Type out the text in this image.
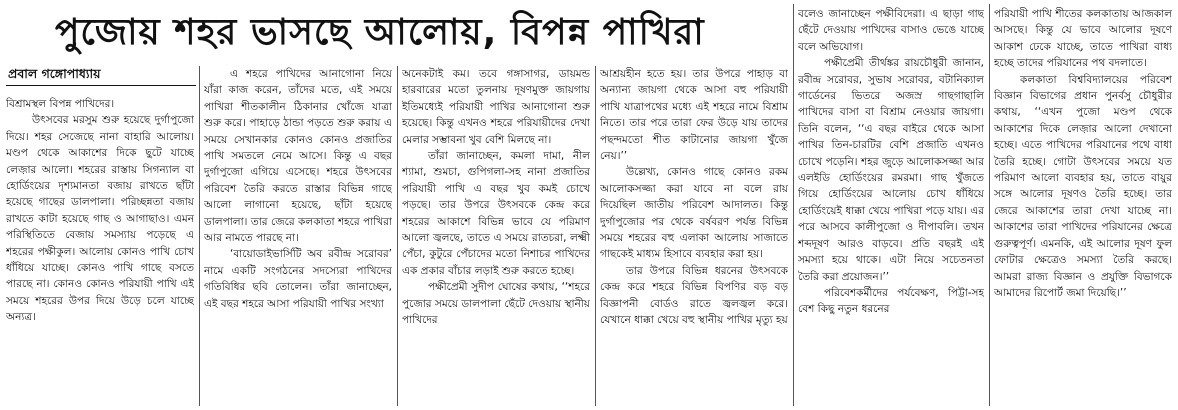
পুজোয় শহর ভাসছে আলোয়, বিপন্ন পাখিরা
প্রবাল গঙ্গোপাধ্যায়

বিশ্রামস্থল বিপন্ন পাখিদের।

উৎসবের মরসুম শুরু হয়েছে দুর্গাপুজো দিয়ে। শহর সেজেছে নানা বাহারি আলোয়। মণ্ডপ থেকে আকাশের দিকে ছুটে যাচ্ছে লেজ়ার আলো। শহরের রাস্তায় সিগন্যাল বা হোর্ডিংয়ের দৃশ্যমানতা বজায় রাখতে ছাঁটা হয়েছে গাছের ডালপালা। পরিচ্ছন্নতা বজায় রাখতে কাটা হয়েছে গাছ ও আগাছাও। এমন পরিস্থিতিতে বেজায় সমস্যায় পড়েছে এ শহরের পক্ষীকুল। আলোয় কোনও পাখি চোখ ধাঁধিয়ে যাচ্ছে। কোনও পাখি গাছে বসতে পারছে না। কোনও কোনও পরিযায়ী পাখি এই সময়ে শহরের উপর দিয়ে উড়ে চলে যাচ্ছে অন্যত্র।

এ শহরে পাখিদের আনাগোনা নিয়ে যাঁরা কাজ করেন, তাঁদের মতে, এই সময়ে পাখিরা শীতকালীন ঠিকানার খোঁজে যাত্রা শুরু করে। পাহাড়ে ঠান্ডা পড়তে শুরু করায় এ সময়ে সেখানকার কোনও কোনও প্রজাতির পাখি সমতলে নেমে আসে। কিন্তু এ বছর দুর্গাপুজো এগিয়ে এসেছে। শহরে উৎসবের পরিবেশ তৈরি করতে রাস্তার বিভিন্ন গাছে আলো লাগানো হয়েছে, ছাঁটা হয়েছে ডালপালা। তার জেরে কলকাতা শহরে পাখিরা আর নামতে পারছে না।

‘বায়োডাইভার্সিটি অব রবীন্দ্র সরোবর’ নামে একটি সংগঠনের সদস্যেরা পাখিদের গতিবিধির ছবি তোলেন। তাঁরা জানাচ্ছেন, এই বছর শহরে আসা পরিযায়ী পাখির সংখ্যা

অনেকটাই কম। তবে গঙ্গাসাগর, ডায়মন্ড হারবারের মতো তুলনায় দূষণমুক্ত জায়গায় ইতিমধ্যেই পরিযায়ী পাখির আনাগোনা শুরু হয়েছে। কিন্তু এখনও শহরে পরিযায়ীদের দেখা মেলার সম্ভাবনা খুব বেশি মিলছে না।

তাঁরা জানাচ্ছেন, কমলা দামা, নীল শ্যামা, শুমচা, গুপিগলা-সহ নানা প্রজাতির পরিযায়ী পাখি এ বছর খুব কমই চোখে পড়ছে। তার উপরে উৎসবকে কেন্দ্র করে শহরের আকাশে বিভিন্ন ভাবে যে পরিমাণ আলো জ্বলছে, তাতে এ সময়ে রাতচরা, লক্ষ্মী পেঁচা, কুটুরে পেঁচাদের মতো নিশাচর পাখিদের এক প্রকার বাঁচার লড়াই শুরু করতে হচ্ছে।

পক্ষীপ্রেমী সুদীপ ঘোষের কথায়, ‘‘শহরে পুজোর সময়ে ডালপালা ছেঁটে দেওয়ায় স্থানীয় পাখিদের

আশ্রয়হীন হতে হয়। তার উপরে পাহাড় বা অন্যান্য জায়গা থেকে আসা বহু পরিযায়ী পাখি যাত্রাপথের মধ্যে এই শহরে নামে বিশ্রাম নিতে। তার পরে তারা ফের উড়ে যায় তাদের পছন্দমতো শীত কাটানোর জায়গা খুঁজে নেয়।’’

উল্লেখ্য, কোনও গাছে কোনও রকম আলোকসজ্জা করা যাবে না বলে রায় দিয়েছিল জাতীয় পরিবেশ আদালত। কিন্তু দুর্গাপুজোর পর থেকে বর্ষবরণ পর্যন্ত বিভিন্ন সময়ে শহরের বহু এলাকা আলোয় সাজাতে গাছকেই মাধ্যম হিসাবে ব্যবহার করা হয়।

তার উপরে বিভিন্ন ধরনের উৎসবকে কেন্দ্র করে শহরে বিভিন্ন বিপণির বড় বড় বিজ্ঞাপনী বোর্ডও রাতে জ্বলজ্বল করে। যেখানে ধাক্কা খেয়ে বহু স্থানীয় পাখির মৃত্যু হয়

বলেও জানাচ্ছেন পক্ষীবিদেরা। এ ছাড়া গাছ ছেঁটে দেওয়ায় পাখিদের বাসাও ভেঙে যাচ্ছে বলে অভিযোগ।

পক্ষীপ্রেমী তীর্থঙ্কর রায়চৌধুরী জানান, রবীন্দ্র সরোবর, সুভাষ সরোবর, বটানিক্যাল গার্ডেনের ভিতরে অজস্র গাছগাছালি পাখিদের বাসা বা বিশ্রাম নেওয়ার জায়গা। তিনি বলেন, ‘‘এ বছর বাইরে থেকে আসা পাখির তিন-চারটির বেশি প্রজাতি এখনও চোখে পড়েনি। শহর জুড়ে আলোকসজ্জা আর এলইডি হোর্ডিংয়ের রমরমা। গাছ খুঁজতে গিয়ে হোর্ডিংয়ের আলোয় চোখ ধাঁধিয়ে হোর্ডিংয়েই ধাক্কা খেয়ে পাখিরা পড়ে যায়। এর পরে আসবে কালীপুজো ও দীপাবলি। তখন শব্দদূষণ আরও বাড়বে। প্রতি বছরই এই সমস্যা হয়ে থাকে। এটা নিয়ে সচেতনতা তৈরি করা প্রয়োজন।’’

পরিবেশকর্মীদের পর্যবেক্ষণ, পিট্টা-সহ বেশ কিছু নতুন ধরনের

পরিযায়ী পাখি শীতের কলকাতায় আজকাল আসছে। কিন্তু যে ভাবে আলোর দূষণে আকাশ ঢেকে যাচ্ছে, তাতে পাখিরা বাধ্য হচ্ছে তাদের পরিযানের পথ বদলাতে।

কলকাতা বিশ্ববিদ্যালয়ের পরিবেশ বিজ্ঞান বিভাগের প্রধান পুনর্বসু চৌধুরীর কথায়, ‘‘এখন পুজো মণ্ডপ থেকে আকাশের দিকে লেজ়ার আলো দেখানো হচ্ছে। এতে পাখিদের পরিযানের পথে বাধা তৈরি হচ্ছে। গোটা উৎসবের সময়ে যত পরিমাণ আলো ব্যবহার হয়, তাতে বায়ুর সঙ্গে আলোর দূষণও তৈরি হচ্ছে। তার জেরে আকাশের তারা দেখা যাচ্ছে না। আকাশের তারা পাখিদের পরিযানের ক্ষেত্রে গুরুত্বপূর্ণ। এমনকি, এই আলোর দূষণ ফুল ফোটার ক্ষেত্রেও সমস্যা তৈরি করছে। আমরা রাজ্য বিজ্ঞান ও প্রযুক্তি বিভাগকে আমাদের রিপোর্ট জমা দিয়েছি।’’
